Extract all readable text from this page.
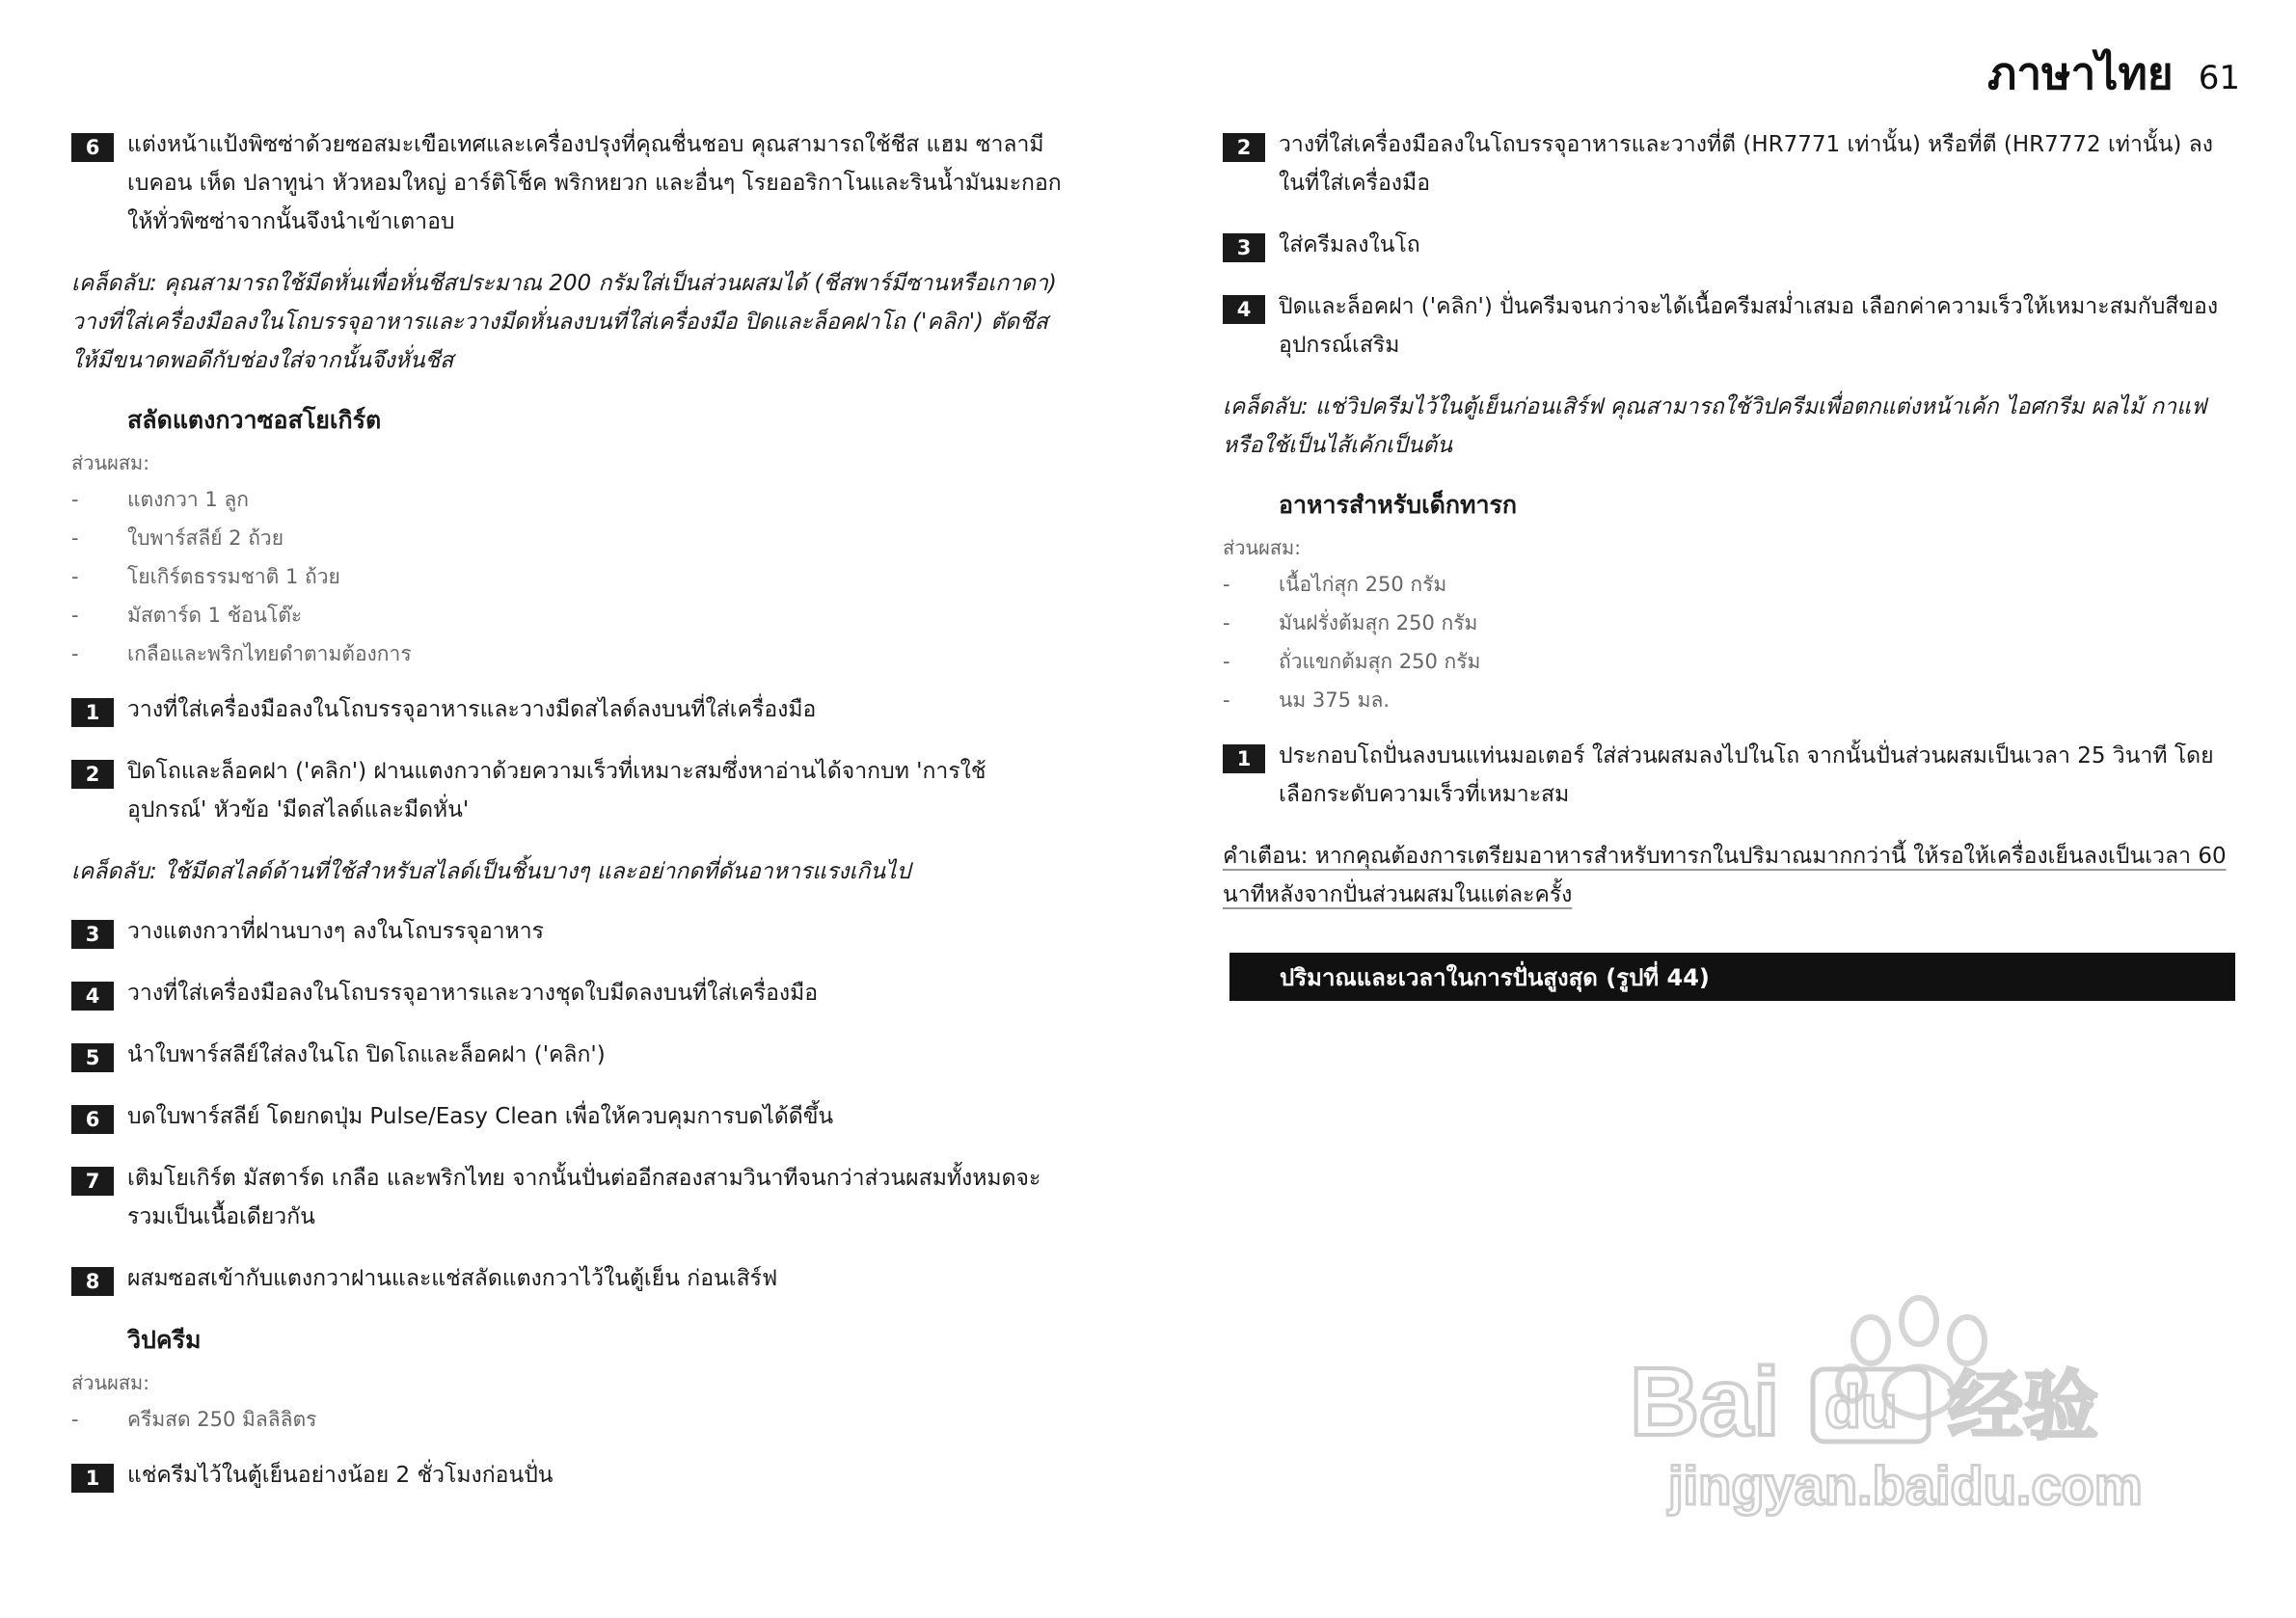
ภาษาไทย 61
6	แต่งหน้าแป้งพิซซ่าด้วยซอสมะเขือเทศและเครื่องปรุงที่คุณชื่นชอบ คุณสามารถใช้ชีส แฮม ซาลามี เบคอน เห็ด ปลาทูน่า หัวหอมใหญ่ อาร์ติโช็ค พริกหยวก และอื่นๆ โรยออริกาโนและรินน้ำมันมะกอกให้ทั่วพิซซ่าจากนั้นจึงนำเข้าเตาอบ
เคล็ดลับ: คุณสามารถใช้มีดหั่นเพื่อหั่นชีสประมาณ 200 กรัมใส่เป็นส่วนผสมได้ (ชีสพาร์มีซานหรือเกาดา) วางที่ใส่เครื่องมือลงในโถบรรจุอาหารและวางมีดหั่นลงบนที่ใส่เครื่องมือ ปิดและล็อคฝาโถ ('คลิก') ตัดชีสให้มีขนาดพอดีกับช่องใส่จากนั้นจึงหั่นชีส
สลัดแตงกวาซอสโยเกิร์ต
ส่วนผสม:
-	แตงกวา 1 ลูก
-	ใบพาร์สลีย์ 2 ถ้วย
-	โยเกิร์ตธรรมชาติ 1 ถ้วย
-	มัสตาร์ด 1 ช้อนโต๊ะ
-	เกลือและพริกไทยดำตามต้องการ
1	วางที่ใส่เครื่องมือลงในโถบรรจุอาหารและวางมีดสไลด์ลงบนที่ใส่เครื่องมือ
2	ปิดโถและล็อคฝา ('คลิก') ฝานแตงกวาด้วยความเร็วที่เหมาะสมซึ่งหาอ่านได้จากบท 'การใช้อุปกรณ์' หัวข้อ 'มีดสไลด์และมีดหั่น'
เคล็ดลับ: ใช้มีดสไลด์ด้านที่ใช้สำหรับสไลด์เป็นชิ้นบางๆ และอย่ากดที่ดันอาหารแรงเกินไป
3	วางแตงกวาที่ฝานบางๆ ลงในโถบรรจุอาหาร
4	วางที่ใส่เครื่องมือลงในโถบรรจุอาหารและวางชุดใบมีดลงบนที่ใส่เครื่องมือ
5	นำใบพาร์สลีย์ใส่ลงในโถ ปิดโถและล็อคฝา ('คลิก')
6	บดใบพาร์สลีย์ โดยกดปุ่ม Pulse/Easy Clean เพื่อให้ควบคุมการบดได้ดีขึ้น
7	เติมโยเกิร์ต มัสตาร์ด เกลือ และพริกไทย จากนั้นปั่นต่ออีกสองสามวินาทีจนกว่าส่วนผสมทั้งหมดจะรวมเป็นเนื้อเดียวกัน
8	ผสมซอสเข้ากับแตงกวาฝานและแช่สลัดแตงกวาไว้ในตู้เย็น ก่อนเสิร์ฟ
วิปครีม
ส่วนผสม:
-	ครีมสด 250 มิลลิลิตร
1	แช่ครีมไว้ในตู้เย็นอย่างน้อย 2 ชั่วโมงก่อนปั่น
2	วางที่ใส่เครื่องมือลงในโถบรรจุอาหารและวางที่ตี (HR7771 เท่านั้น) หรือที่ตี (HR7772 เท่านั้น) ลงในที่ใส่เครื่องมือ
3	ใส่ครีมลงในโถ
4	ปิดและล็อคฝา ('คลิก') ปั่นครีมจนกว่าจะได้เนื้อครีมสม่ำเสมอ เลือกค่าความเร็วให้เหมาะสมกับสีของอุปกรณ์เสริม
เคล็ดลับ: แช่วิปครีมไว้ในตู้เย็นก่อนเสิร์ฟ คุณสามารถใช้วิปครีมเพื่อตกแต่งหน้าเค้ก ไอศกรีม ผลไม้ กาแฟ หรือใช้เป็นไส้เค้กเป็นต้น
อาหารสำหรับเด็กทารก
ส่วนผสม:
-	เนื้อไก่สุก 250 กรัม
-	มันฝรั่งต้มสุก 250 กรัม
-	ถั่วแขกต้มสุก 250 กรัม
-	นม 375 มล.
1	ประกอบโถปั่นลงบนแท่นมอเตอร์ ใส่ส่วนผสมลงไปในโถ จากนั้นปั่นส่วนผสมเป็นเวลา 25 วินาที โดยเลือกระดับความเร็วที่เหมาะสม
คำเตือน: หากคุณต้องการเตรียมอาหารสำหรับทารกในปริมาณมากกว่านี้ ให้รอให้เครื่องเย็นลงเป็นเวลา 60 นาทีหลังจากปั่นส่วนผสมในแต่ละครั้ง
ปริมาณและเวลาในการปั่นสูงสุด (รูปที่ 44)
Bai du 经验
jingyan.baidu.com
